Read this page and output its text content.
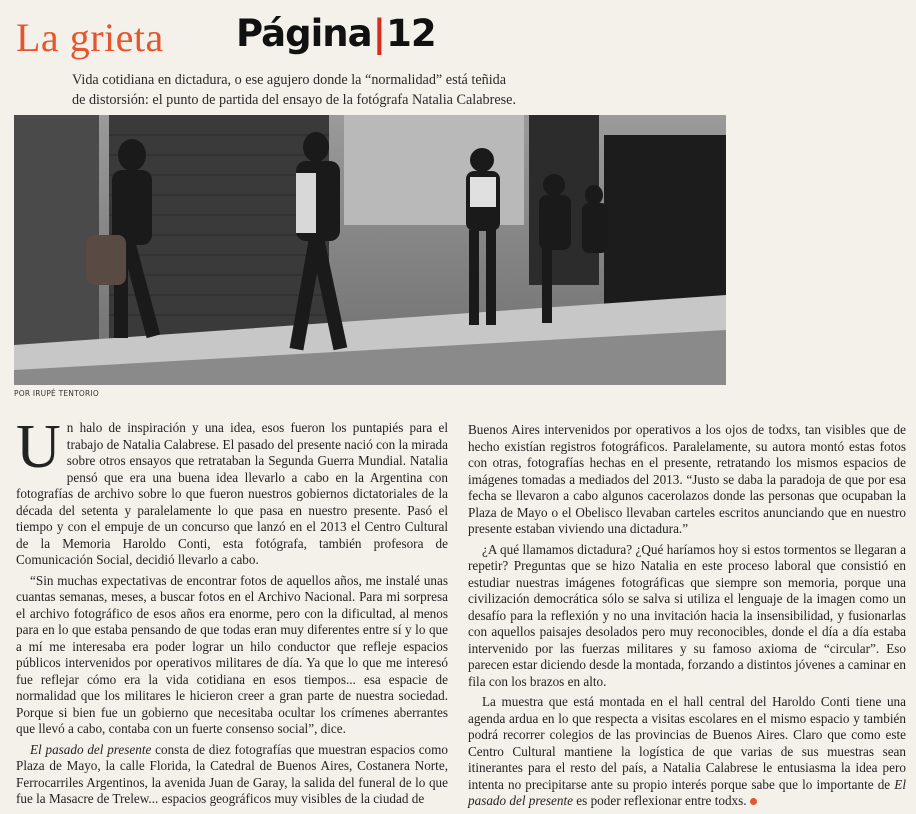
La grieta Página|12
Vida cotidiana en dictadura, o ese agujero donde la “normalidad” está teñida de distorsión: el punto de partida del ensayo de la fotógrafa Natalia Calabrese.
POR IRUPÉ TENTORIO

Un halo de inspiración y una idea, esos fueron los puntapiés para el trabajo de Natalia Calabrese. El pasado del presente nació con la mirada sobre otros ensayos que retrataban la Segunda Guerra Mundial. Natalia pensó que era una buena idea llevarlo a cabo en la Argentina con fotografías de archivo sobre lo que fueron nuestros gobiernos dictatoriales de la década del setenta y paralelamente lo que pasa en nuestro presente. Pasó el tiempo y con el empuje de un concurso que lanzó en el 2013 el Centro Cultural de la Memoria Haroldo Conti, esta fotógrafa, también profesora de Comunicación Social, decidió llevarlo a cabo.

“Sin muchas expectativas de encontrar fotos de aquellos años, me instalé unas cuantas semanas, meses, a buscar fotos en el Archivo Nacional. Para mi sorpresa el archivo fotográfico de esos años era enorme, pero con la dificultad, al menos para en lo que estaba pensando de que todas eran muy diferentes entre sí y lo que a mí me interesaba era poder lograr un hilo conductor que refleje espacios públicos intervenidos por operativos militares de día. Ya que lo que me interesó fue reflejar cómo era la vida cotidiana en esos tiempos... esa espacie de normalidad que los militares le hicieron creer a gran parte de nuestra sociedad. Porque si bien fue un gobierno que necesitaba ocultar los crímenes aberrantes que llevó a cabo, contaba con un fuerte consenso social”, dice.

El pasado del presente consta de diez fotografías que muestran espacios como Plaza de Mayo, la calle Florida, la Catedral de Buenos Aires, Costanera Norte, Ferrocarriles Argentinos, la avenida Juan de Garay, la salida del funeral de lo que fue la Masacre de Trelew... espacios geográficos muy visibles de la ciudad de

Buenos Aires intervenidos por operativos a los ojos de todxs, tan visibles que de hecho existían registros fotográficos. Paralelamente, su autora montó estas fotos con otras, fotografías hechas en el presente, retratando los mismos espacios de imágenes tomadas a mediados del 2013. “Justo se daba la paradoja de que por esa fecha se llevaron a cabo algunos cacerolazos donde las personas que ocupaban la Plaza de Mayo o el Obelisco llevaban carteles escritos anunciando que en nuestro presente estaban viviendo una dictadura.”

¿A qué llamamos dictadura? ¿Qué haríamos hoy si estos tormentos se llegaran a repetir? Preguntas que se hizo Natalia en este proceso laboral que consistió en estudiar nuestras imágenes fotográficas que siempre son memoria, porque una civilización democrática sólo se salva si utiliza el lenguaje de la imagen como un desafío para la reflexión y no una invitación hacia la insensibilidad, y fusionarlas con aquellos paisajes desolados pero muy reconocibles, donde el día a día estaba intervenido por las fuerzas militares y su famoso axioma de “circular”. Eso parecen estar diciendo desde la montada, forzando a distintos jóvenes a caminar en fila con los brazos en alto.

La muestra que está montada en el hall central del Haroldo Conti tiene una agenda ardua en lo que respecta a visitas escolares en el mismo espacio y también podrá recorrer colegios de las provincias de Buenos Aires. Claro que como este Centro Cultural mantiene la logística de que varias de sus muestras sean itinerantes para el resto del país, a Natalia Calabrese le entusiasma la idea pero intenta no precipitarse ante su propio interés porque sabe que lo importante de El pasado del presente es poder reflexionar entre todxs.
